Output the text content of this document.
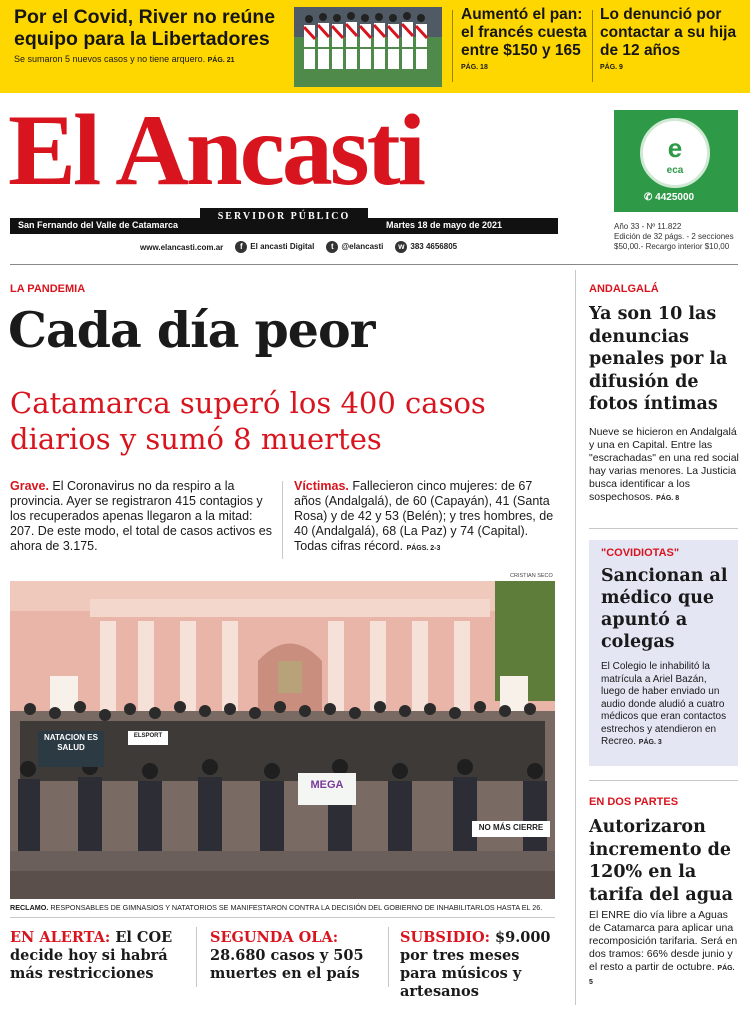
Por el Covid, River no reúne equipo para la Libertadores
Se sumaron 5 nuevos casos y no tiene arquero. PÁG. 21
Aumentó el pan: el francés cuesta entre $150 y 165
PÁG. 18
Lo denunció por contactar a su hija de 12 años
PÁG. 9
El Ancasti
San Fernando del Valle de Catamarca	Martes 18 de mayo de 2021
SERVIDOR PÚBLICO
www.elancasti.com.ar	f El ancasti Digital	t @elancasti	w 383 4656805
e
eca
✆ 4425000
Año 33 - Nº 11.822
Edición de 32 págs. - 2 secciones
$50,00.- Recargo interior $10,00
LA PANDEMIA
Cada día peor
Catamarca superó los 400 casos diarios y sumó 8 muertes
Grave. El Coronavirus no da respiro a la provincia. Ayer se registraron 415 contagios y los recuperados apenas llegaron a la mitad: 207. De este modo, el total de casos activos es ahora de 3.175.
Víctimas. Fallecieron cinco mujeres: de 67 años (Andalgalá), de 60 (Capayán), 41 (Santa Rosa) y de 42 y 53 (Belén); y tres hombres, de 40 (Andalgalá), 68 (La Paz) y 74 (Capital). Todas cifras récord. PÁGS. 2-3
CRISTIAN SECO
NATACION ES SALUD
ELSPORT
NO MÁS CIERRE
MEGA
RECLAMO. RESPONSABLES DE GIMNASIOS Y NATATORIOS SE MANIFESTARON CONTRA LA DECISIÓN DEL GOBIERNO DE INHABILITARLOS HASTA EL 26.
EN ALERTA: El COE decide hoy si habrá más restricciones
SEGUNDA OLA: 28.680 casos y 505 muertes en el país
SUBSIDIO: $9.000 por tres meses para músicos y artesanos
ANDALGALÁ
Ya son 10 las denuncias penales por la difusión de fotos íntimas
Nueve se hicieron en Andalgalá y una en Capital. Entre las "escrachadas" en una red social hay varias menores. La Justicia busca identificar a los sospechosos. PÁG. 8
"COVIDIOTAS"
Sancionan al médico que apuntó a colegas
El Colegio le inhabilitó la matrícula a Ariel Bazán, luego de haber enviado un audio donde aludió a cuatro médicos que eran contactos estrechos y atendieron en Recreo. PÁG. 3
EN DOS PARTES
Autorizaron incremento de 120% en la tarifa del agua
El ENRE dio vía libre a Aguas de Catamarca para aplicar una recomposición tarifaria. Será en dos tramos: 66% desde junio y el resto a partir de octubre. PÁG. 5
